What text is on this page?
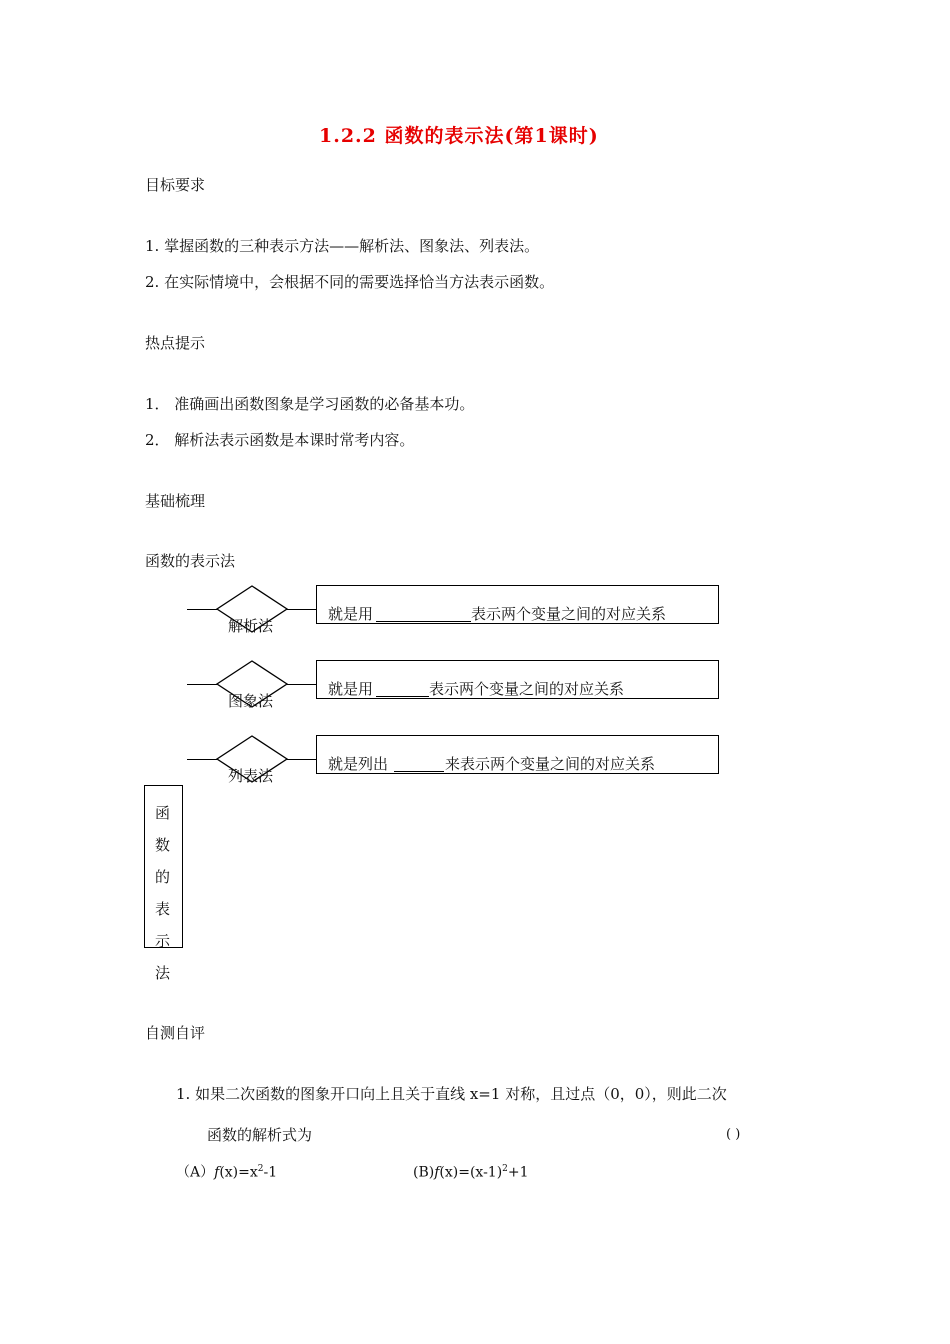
1.2.2 函数的表示法(第1课时)
目标要求
1. 掌握函数的三种表示方法——解析法、图象法、列表法。
2. 在实际情境中，会根据不同的需要选择恰当方法表示函数。
热点提示
1． 准确画出函数图象是学习函数的必备基本功。
2． 解析法表示函数是本课时常考内容。
基础梳理
函数的表示法
解析法
就是用	表示两个变量之间的对应关系
图象法
就是用	表示两个变量之间的对应关系
列表法
就是列出	来表示两个变量之间的对应关系
函
数
的
表
示
法
自测自评
1. 如果二次函数的图象开口向上且关于直线 x=1 对称，且过点（0，0），则此二次
函数的解析式为	( )
$(A)f(x)=x^2-1$	$(B)f(x)=(x-1)^2+1$
